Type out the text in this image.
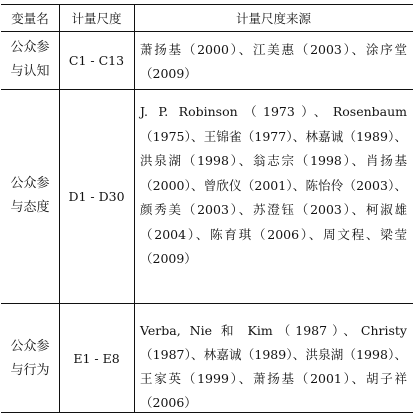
变量名	计量尺度	计量尺度来源
公众参与认知
C1 - C13
萧扬基（2000）、江美惠（2003）、涂序堂（2009）
公众参与态度
D1 - D30
J. P. Robinson（1973）、Rosenbaum（1975）、王锦雀（1977）、林嘉诚（1989）、洪泉湖（1998）、翁志宗（1998）、肖扬基（2000）、曾欣仪（2001）、陈怡伶（2003）、颜秀美（2003）、苏澄钰（2003）、柯淑雄（2004）、陈育琪（2006）、周文程、梁莹（2009）
公众参与行为
E1 - E8
Verba, Nie 和 Kim（1987）、Christy（1987）、林嘉诚（1989）、洪泉湖（1998）、王家英（1999）、萧扬基（2001）、胡子祥（2006）
